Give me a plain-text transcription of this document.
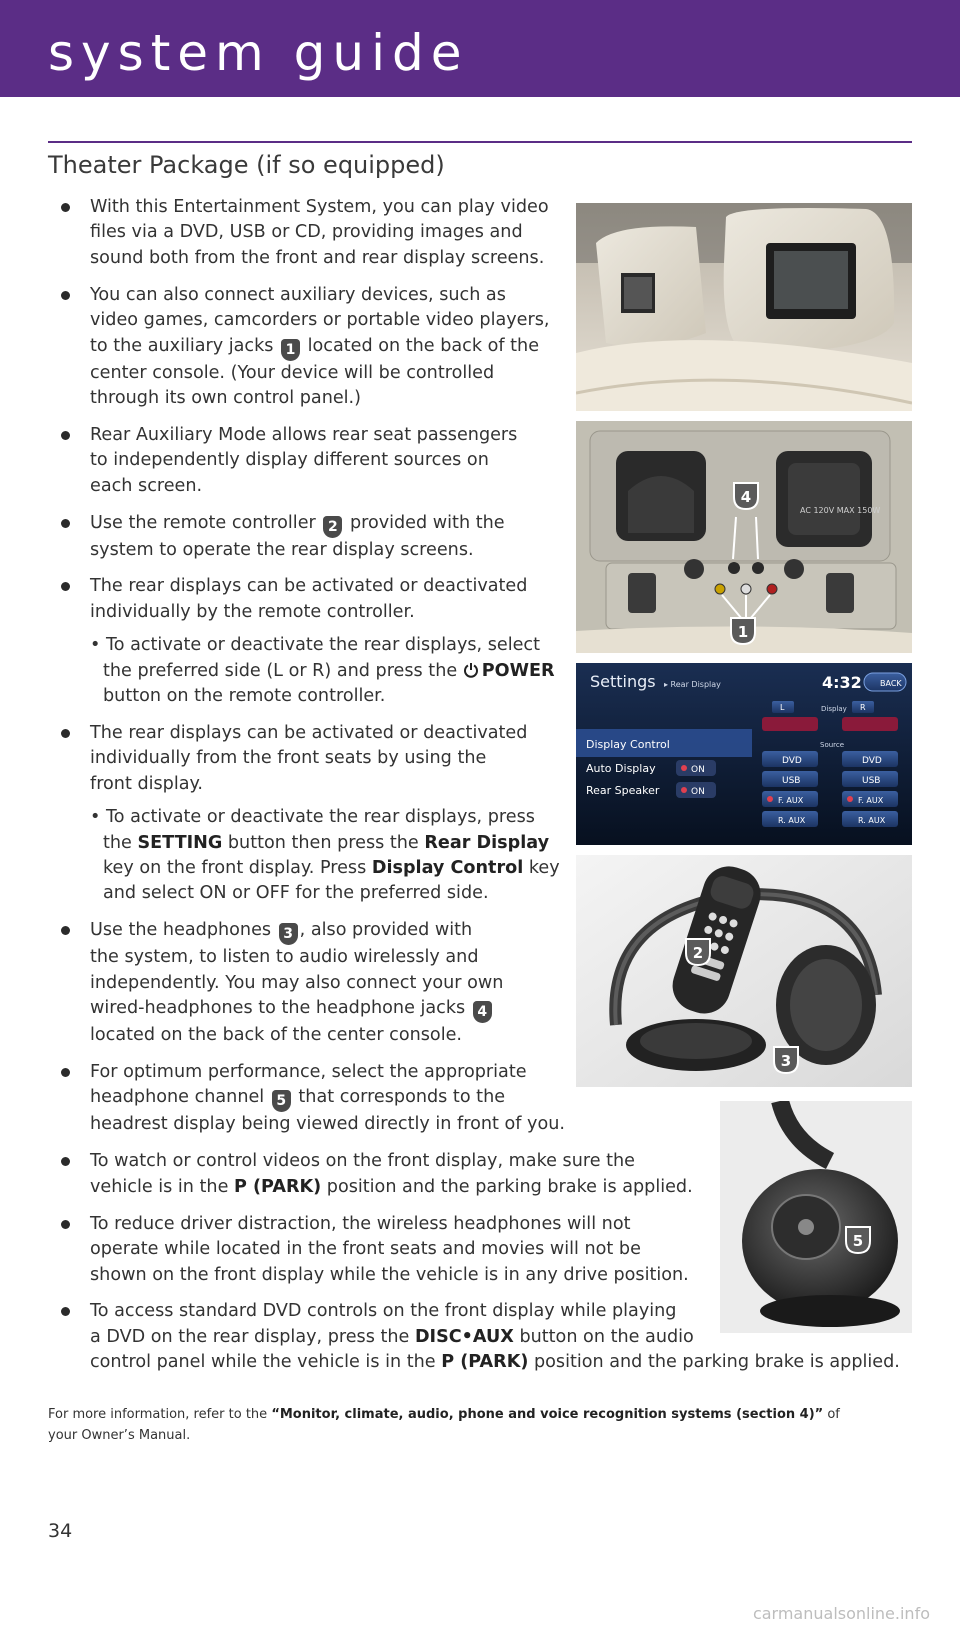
system guide
Theater Package (if so equipped)
With this Entertainment System, you can play video
files via a DVD, USB or CD, providing images and
sound both from the front and rear display screens.
You can also connect auxiliary devices, such as
video games, camcorders or portable video players,
to the auxiliary jacks 1 located on the back of the
center console. (Your device will be controlled
through its own control panel.)
Rear Auxiliary Mode allows rear seat passengers
to independently display different sources on
each screen.
Use the remote controller 2 provided with the
system to operate the rear display screens.
The rear displays can be activated or deactivated
individually by the remote controller.
• To activate or deactivate the rear displays, select
the preferred side (L or R) and press the POWER
button on the remote controller.
The rear displays can be activated or deactivated
individually from the front seats by using the
front display.
• To activate or deactivate the rear displays, press
the SETTING button then press the Rear Display
key on the front display. Press Display Control key
and select ON or OFF for the preferred side.
Use the headphones 3 , also provided with
the system, to listen to audio wirelessly and
independently. You may also connect your own
wired-headphones to the headphone jacks 4
located on the back of the center console.
For optimum performance, select the appropriate
headphone channel 5 that corresponds to the
headrest display being viewed directly in front of you.
To watch or control videos on the front display, make sure the
vehicle is in the P (PARK) position and the parking brake is applied.
To reduce driver distraction, the wireless headphones will not
operate while located in the front seats and movies will not be
shown on the front display while the vehicle is in any drive position.
To access standard DVD controls on the front display while playing
a DVD on the rear display, press the DISC•AUX button on the audio
control panel while the vehicle is in the P (PARK) position and the parking brake is applied.
AC 120V MAX 150W
4
1
Settings ▸ Rear Display	4:32 BACK
Display Control
Auto Display	ON
Rear Speaker	ON
L	Display R
Source
DVD	DVD
USB	USB
F. AUX	F. AUX
R. AUX	R. AUX
2
3
5
For more information, refer to the “Monitor, climate, audio, phone and voice recognition systems (section 4)” of
your Owner’s Manual.
34
carmanualsonline.info
